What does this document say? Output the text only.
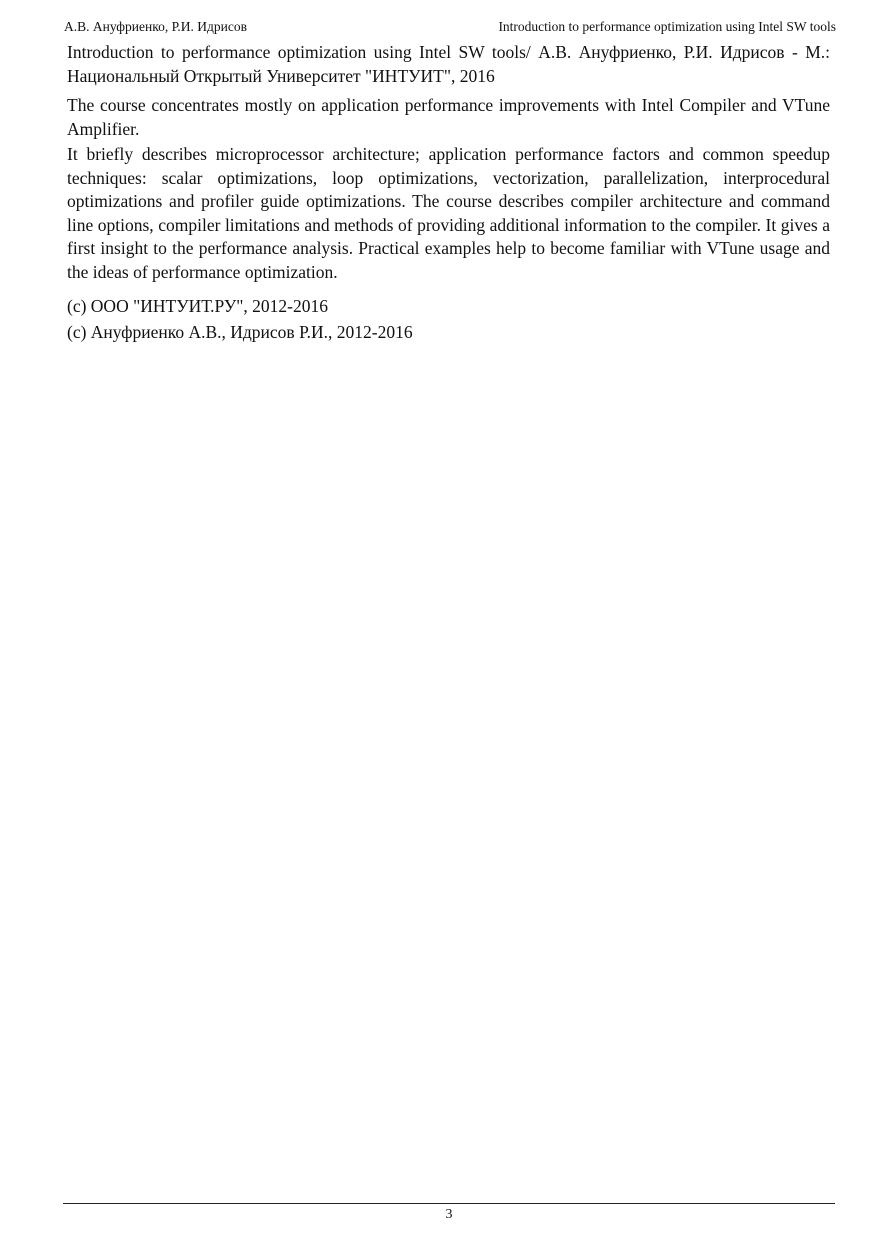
А.В. Ануфриенко, Р.И. Идрисов	Introduction to performance optimization using Intel SW tools

Introduction to performance optimization using Intel SW tools/ А.В. Ануфриенко, Р.И. Идрисов - М.: Национальный Открытый Университет "ИНТУИТ", 2016

The course concentrates mostly on application performance improvements with Intel Compiler and VTune Amplifier.

It briefly describes microprocessor architecture; application performance factors and common speedup techniques: scalar optimizations, loop optimizations, vectorization, parallelization, interprocedural optimizations and profiler guide optimizations. The course describes compiler architecture and command line options, compiler limitations and methods of providing additional information to the compiler. It gives a first insight to the performance analysis. Practical examples help to become familiar with VTune usage and the ideas of performance optimization.

(c) ООО "ИНТУИТ.РУ", 2012-2016

(c) Ануфриенко А.В., Идрисов Р.И., 2012-2016

3
